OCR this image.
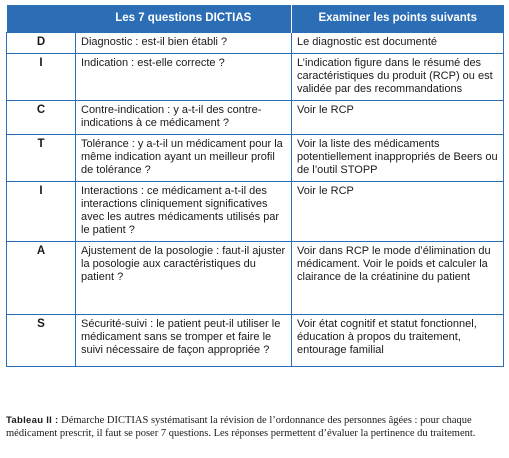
	Les 7 questions DICTIAS	Examiner les points suivants
D	Diagnostic : est-il bien établi ?	Le diagnostic est documenté
I	Indication : est-elle correcte ?	L’indication figure dans le résumé des caractéristiques du produit (RCP) ou est validée par des recommandations
C	Contre-indication : y a-t-il des contre-indications à ce médicament ?	Voir le RCP
T	Tolérance : y a-t-il un médicament pour la même indication ayant un meilleur profil de tolérance ?	Voir la liste des médicaments potentiellement inappropriés de Beers ou de l’outil STOPP
I	Interactions : ce médicament a-t-il des interactions cliniquement significatives avec les autres médicaments utilisés par le patient ?	Voir le RCP
A	Ajustement de la posologie : faut-il ajuster la posologie aux caractéristiques du patient ?	Voir dans RCP le mode d’élimination du médicament. Voir le poids et calculer la clairance de la créatinine du patient
S	Sécurité-suivi : le patient peut-il utiliser le médicament sans se tromper et faire le suivi nécessaire de façon appropriée ?	Voir état cognitif et statut fonctionnel, éducation à propos du traitement, entourage familial
Tableau II : Démarche DICTIAS systématisant la révision de l’ordonnance des personnes âgées : pour chaque médicament prescrit, il faut se poser 7 questions. Les réponses permettent d’évaluer la pertinence du traitement.
